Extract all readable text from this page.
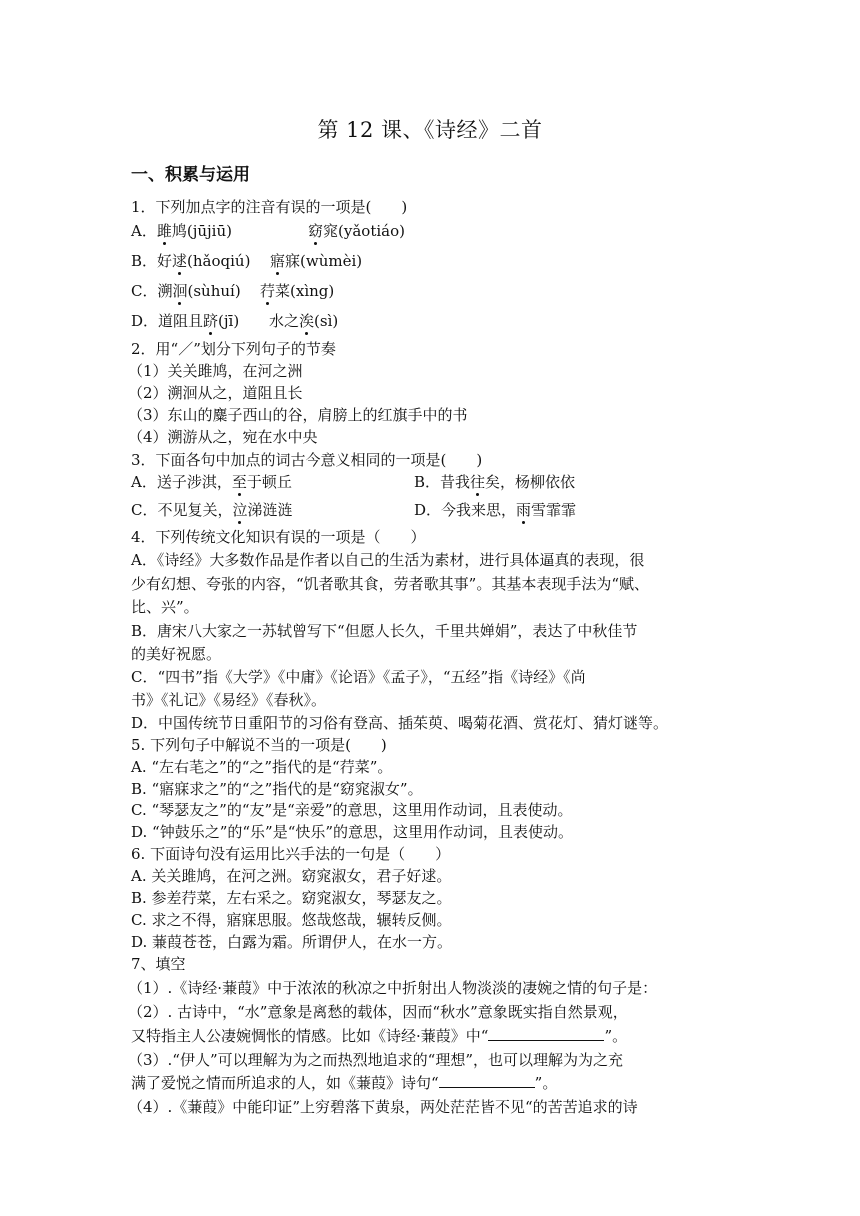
第 12 课、《诗经》二首
一、积累与运用
1．下列加点字的注音有误的一项是(　　)
A．雎鸠(jūjiū)	窈窕(yǎotiáo)
B．好逑(hǎoqiú) 寤寐(wùmèi)
C．溯洄(sùhuí) 荇菜(xìng)
D．道阻且跻(jī) 水之涘(sì)
2．用“／”划分下列句子的节奏
（1）关关雎鸠，在河之洲
（2）溯洄从之，道阻且长
（3）东山的麋子西山的谷，肩膀上的红旗手中的书
（4）溯游从之，宛在水中央
3．下面各句中加点的词古今意义相同的一项是(　　)
A．送子涉淇，至于顿丘	B．昔我往矣，杨柳依依
C．不见复关，泣涕涟涟	D．今我来思，雨雪霏霏
4．下列传统文化知识有误的一项是（　　）
A．《诗经》大多数作品是作者以自己的生活为素材，进行具体逼真的表现，很
少有幻想、夸张的内容，“饥者歌其食，劳者歌其事”。其基本表现手法为“赋、
比、兴”。
B．唐宋八大家之一苏轼曾写下“但愿人长久，千里共婵娟”，表达了中秋佳节
的美好祝愿。
C．“四书”指《大学》《中庸》《论语》《孟子》，“五经”指《诗经》《尚
书》《礼记》《易经》《春秋》。
D．中国传统节日重阳节的习俗有登高、插茱萸、喝菊花酒、赏花灯、猜灯谜等。
5. 下列句子中解说不当的一项是(　　)
A. “左右芼之”的“之”指代的是“荇菜”。
B. “寤寐求之”的“之”指代的是“窈窕淑女”。
C. “琴瑟友之”的“友”是“亲爱”的意思，这里用作动词，且表使动。
D. “钟鼓乐之”的“乐”是“快乐”的意思，这里用作动词，且表使动。
6. 下面诗句没有运用比兴手法的一句是（　　）
A. 关关雎鸠，在河之洲。窈窕淑女，君子好逑。
B. 参差荇菜，左右采之。窈窕淑女，琴瑟友之。
C. 求之不得，寤寐思服。悠哉悠哉，辗转反侧。
D. 蒹葭苍苍，白露为霜。所谓伊人，在水一方。
7、填空
（1）.《诗经·蒹葭》中于浓浓的秋凉之中折射出人物淡淡的凄婉之情的句子是：
（2）. 古诗中，“水”意象是离愁的载体，因而“秋水”意象既实指自然景观，
又特指主人公凄婉惆怅的情感。比如《诗经·蒹葭》中“	”。
（3）.“伊人”可以理解为为之而热烈地追求的“理想”，也可以理解为为之充
满了爱悦之情而所追求的人，如《蒹葭》诗句“	”。
（4）.《蒹葭》中能印证”上穷碧落下黄泉，两处茫茫皆不见“的苦苦追求的诗
